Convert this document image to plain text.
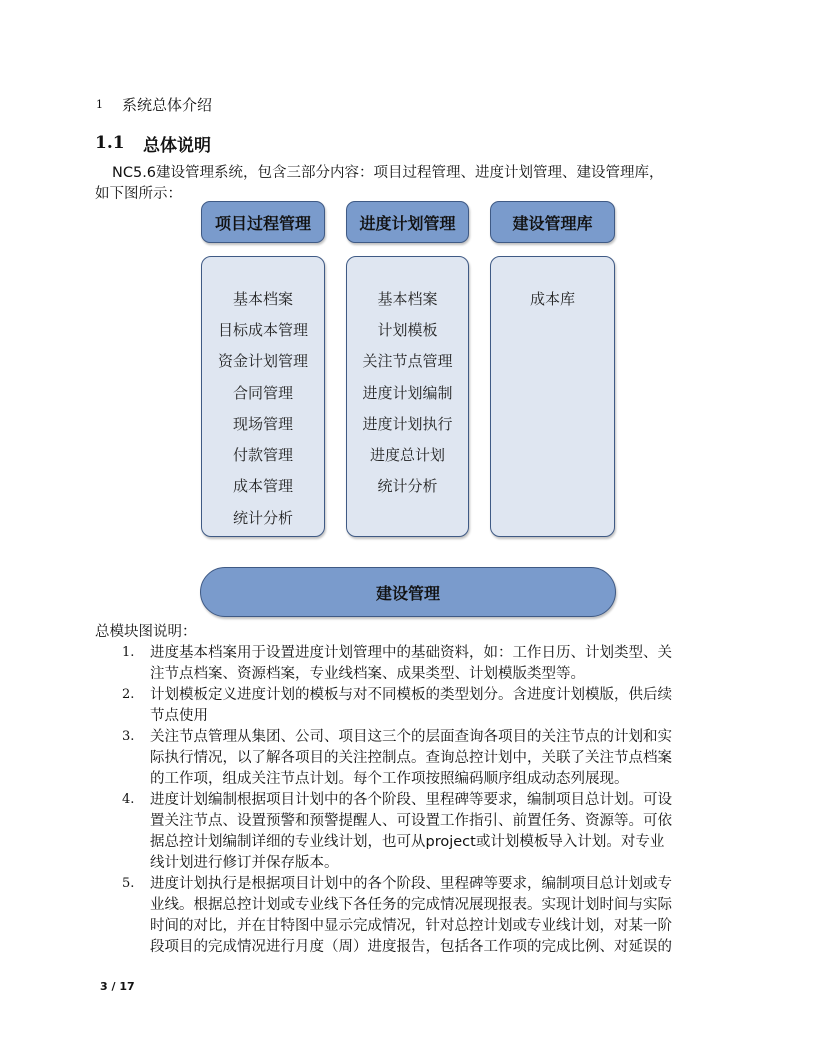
1 系统总体介绍
1.1 总体说明
NC5.6建设管理系统，包含三部分内容：项目过程管理、进度计划管理、建设管理库，
如下图所示：
项目过程管理	进度计划管理	建设管理库
基本档案
目标成本管理
资金计划管理
合同管理
现场管理
付款管理
成本管理
统计分析
基本档案
计划模板
关注节点管理
进度计划编制
进度计划执行
进度总计划
统计分析
成本库
建设管理
总模块图说明：
1. 进度基本档案用于设置进度计划管理中的基础资料，如：工作日历、计划类型、关
注节点档案、资源档案，专业线档案、成果类型、计划模版类型等。
2. 计划模板定义进度计划的模板与对不同模板的类型划分。含进度计划模版，供后续
节点使用
3. 关注节点管理从集团、公司、项目这三个的层面查询各项目的关注节点的计划和实
际执行情况，以了解各项目的关注控制点。查询总控计划中，关联了关注节点档案
的工作项，组成关注节点计划。每个工作项按照编码顺序组成动态列展现。
4. 进度计划编制根据项目计划中的各个阶段、里程碑等要求，编制项目总计划。可设
置关注节点、设置预警和预警提醒人、可设置工作指引、前置任务、资源等。可依
据总控计划编制详细的专业线计划，也可从project或计划模板导入计划。对专业
线计划进行修订并保存版本。
5. 进度计划执行是根据项目计划中的各个阶段、里程碑等要求，编制项目总计划或专
业线。根据总控计划或专业线下各任务的完成情况展现报表。实现计划时间与实际
时间的对比，并在甘特图中显示完成情况，针对总控计划或专业线计划，对某一阶
段项目的完成情况进行月度（周）进度报告，包括各工作项的完成比例、对延误的
3 / 17
